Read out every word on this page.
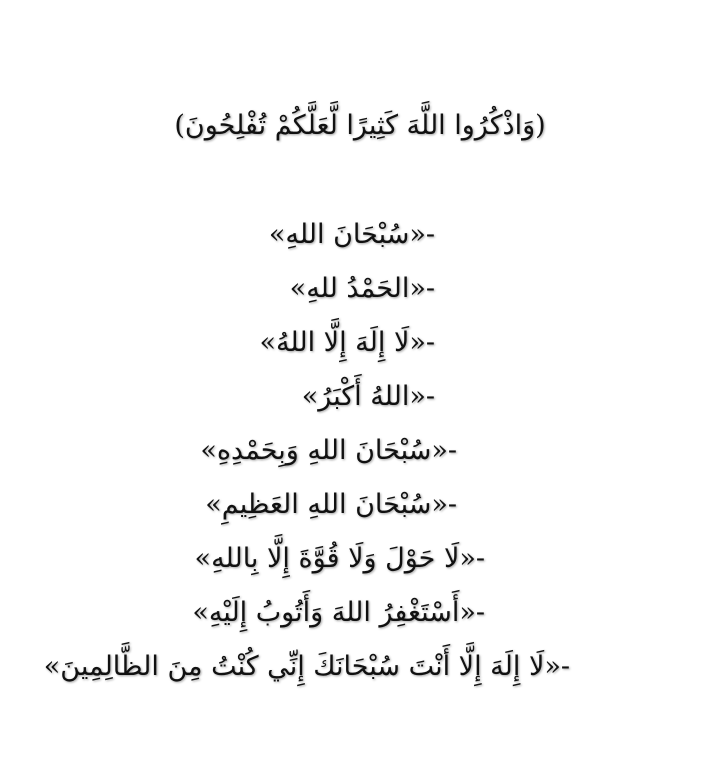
(وَاذْكُرُوا اللَّهَ كَثِيرًا لَّعَلَّكُمْ تُفْلِحُونَ)
-«سُبْحَانَ اللهِ»
-«الحَمْدُ للهِ»
-«لَا إِلَهَ إِلَّا اللهُ»
-«اللهُ أَكْبَرُ»
-«سُبْحَانَ اللهِ وَبِحَمْدِهِ»
-«سُبْحَانَ اللهِ العَظِيمِ»
-«لَا حَوْلَ وَلَا قُوَّةَ إِلَّا بِاللهِ»
-«أَسْتَغْفِرُ اللهَ وَأَتُوبُ إِلَيْهِ»
-«لَا إِلَهَ إِلَّا أَنْتَ سُبْحَانَكَ إِنِّي كُنْتُ مِنَ الظَّالِمِينَ»
